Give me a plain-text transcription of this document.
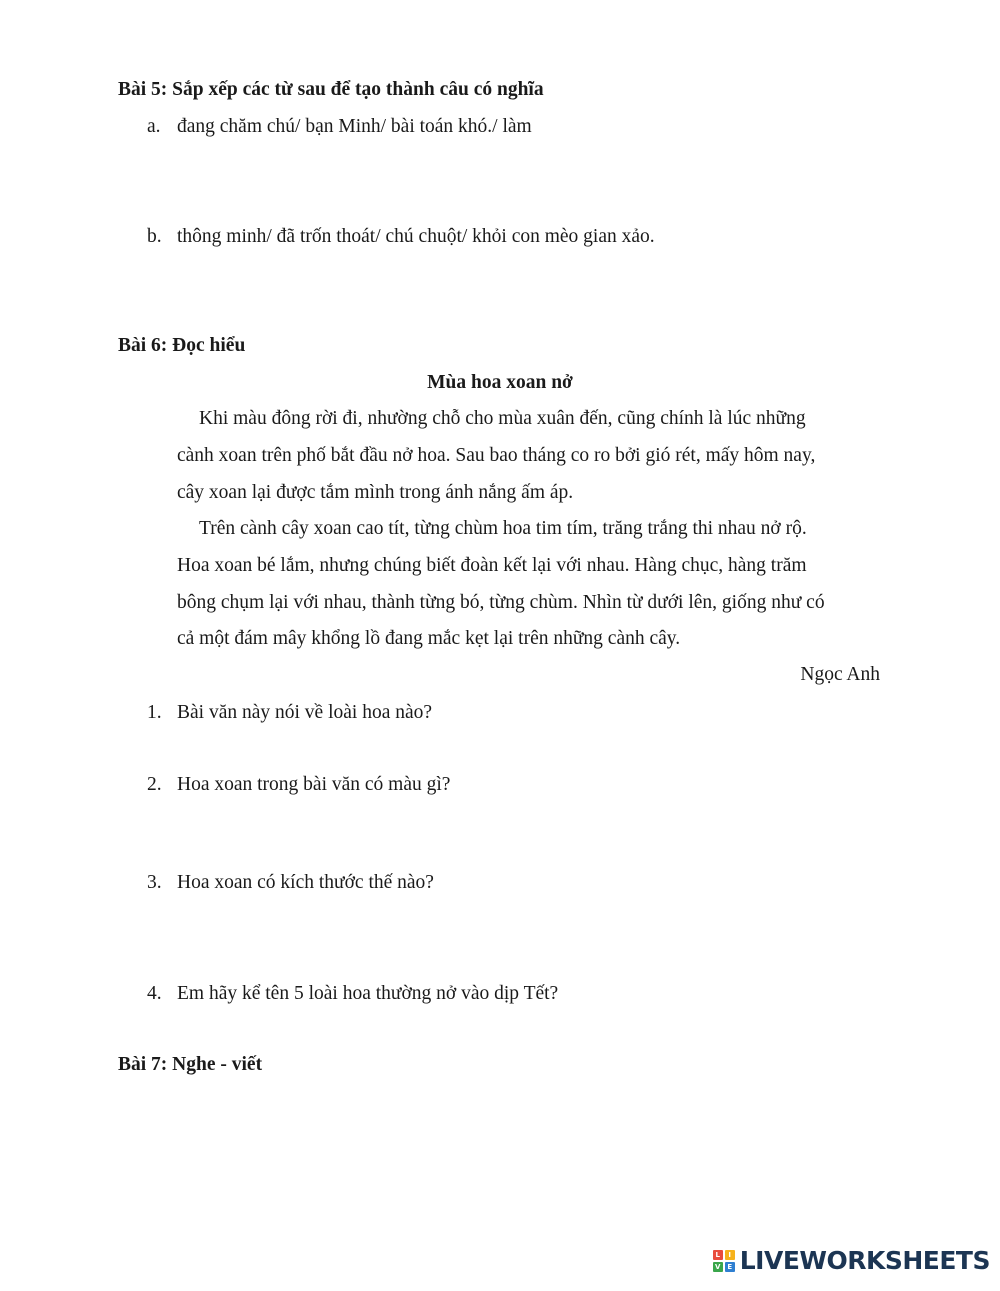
Bài 5: Sắp xếp các từ sau để tạo thành câu có nghĩa
a. đang chăm chú/ bạn Minh/ bài toán khó./ làm
b. thông minh/ đã trốn thoát/ chú chuột/ khỏi con mèo gian xảo.
Bài 6: Đọc hiểu
Mùa hoa xoan nở
Khi màu đông rời đi, nhường chỗ cho mùa xuân đến, cũng chính là lúc những
cành xoan trên phố bắt đầu nở hoa. Sau bao tháng co ro bởi gió rét, mấy hôm nay,
cây xoan lại được tắm mình trong ánh nắng ấm áp.
Trên cành cây xoan cao tít, từng chùm hoa tim tím, trăng trắng thi nhau nở rộ.
Hoa xoan bé lắm, nhưng chúng biết đoàn kết lại với nhau. Hàng chục, hàng trăm
bông chụm lại với nhau, thành từng bó, từng chùm. Nhìn từ dưới lên, giống như có
cả một đám mây khổng lồ đang mắc kẹt lại trên những cành cây.
Ngọc Anh
1. Bài văn này nói về loài hoa nào?
2. Hoa xoan trong bài văn có màu gì?
3. Hoa xoan có kích thước thế nào?
4. Em hãy kể tên 5 loài hoa thường nở vào dịp Tết?
Bài 7: Nghe - viết
L	I
V E LIVEWORKSHEETS
